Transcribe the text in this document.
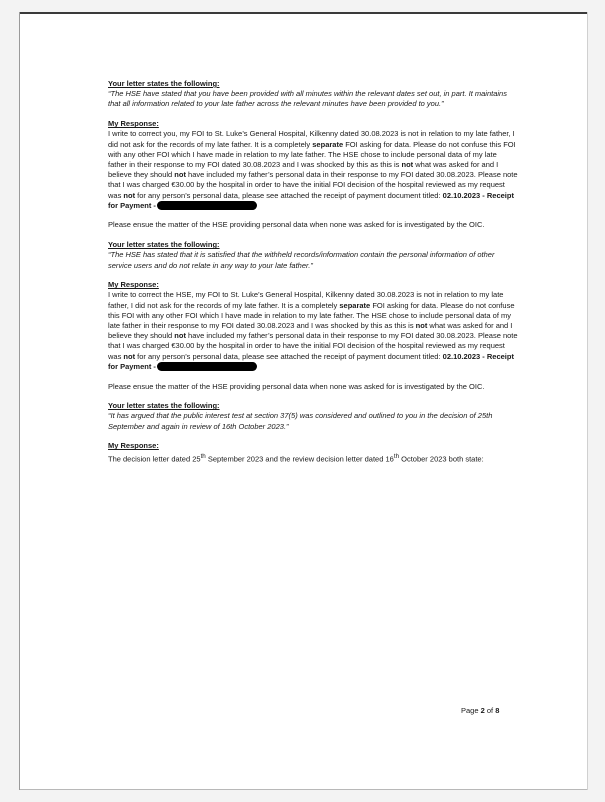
Your letter states the following:
“The HSE have stated that you have been provided with all minutes within the relevant dates set out, in part. It maintains that all information related to your late father across the relevant minutes have been provided to you.”
My Response:
I write to correct you, my FOI to St. Luke’s General Hospital, Kilkenny dated 30.08.2023 is not in relation to my late father, I did not ask for the records of my late father. It is a completely separate FOI asking for data. Please do not confuse this FOI with any other FOI which I have made in relation to my late father. The HSE chose to include personal data of my late father in their response to my FOI dated 30.08.2023 and I was shocked by this as this is not what was asked for and I believe they should not have included my father’s personal data in their response to my FOI dated 30.08.2023. Please note that I was charged €30.00 by the hospital in order to have the initial FOI decision of the hospital reviewed as my request was not for any person’s personal data, please see attached the receipt of payment document titled: 02.10.2023 - Receipt for Payment -
Please ensue the matter of the HSE providing personal data when none was asked for is investigated by the OIC.
Your letter states the following:
“The HSE has stated that it is satisfied that the withheld records/information contain the personal information of other service users and do not relate in any way to your late father.”
My Response:
I write to correct the HSE, my FOI to St. Luke’s General Hospital, Kilkenny dated 30.08.2023 is not in relation to my late father, I did not ask for the records of my late father. It is a completely separate FOI asking for data. Please do not confuse this FOI with any other FOI which I have made in relation to my late father. The HSE chose to include personal data of my late father in their response to my FOI dated 30.08.2023 and I was shocked by this as this is not what was asked for and I believe they should not have included my father’s personal data in their response to my FOI dated 30.08.2023. Please note that I was charged €30.00 by the hospital in order to have the initial FOI decision of the hospital reviewed as my request was not for any person’s personal data, please see attached the receipt of payment document titled: 02.10.2023 - Receipt for Payment -
Please ensue the matter of the HSE providing personal data when none was asked for is investigated by the OIC.
Your letter states the following:
“It has argued that the public interest test at section 37(5) was considered and outlined to you in the decision of 25th September and again in review of 16th October 2023.”
My Response:
The decision letter dated 25th September 2023 and the review decision letter dated 16th October 2023 both state:
Page 2 of 8
